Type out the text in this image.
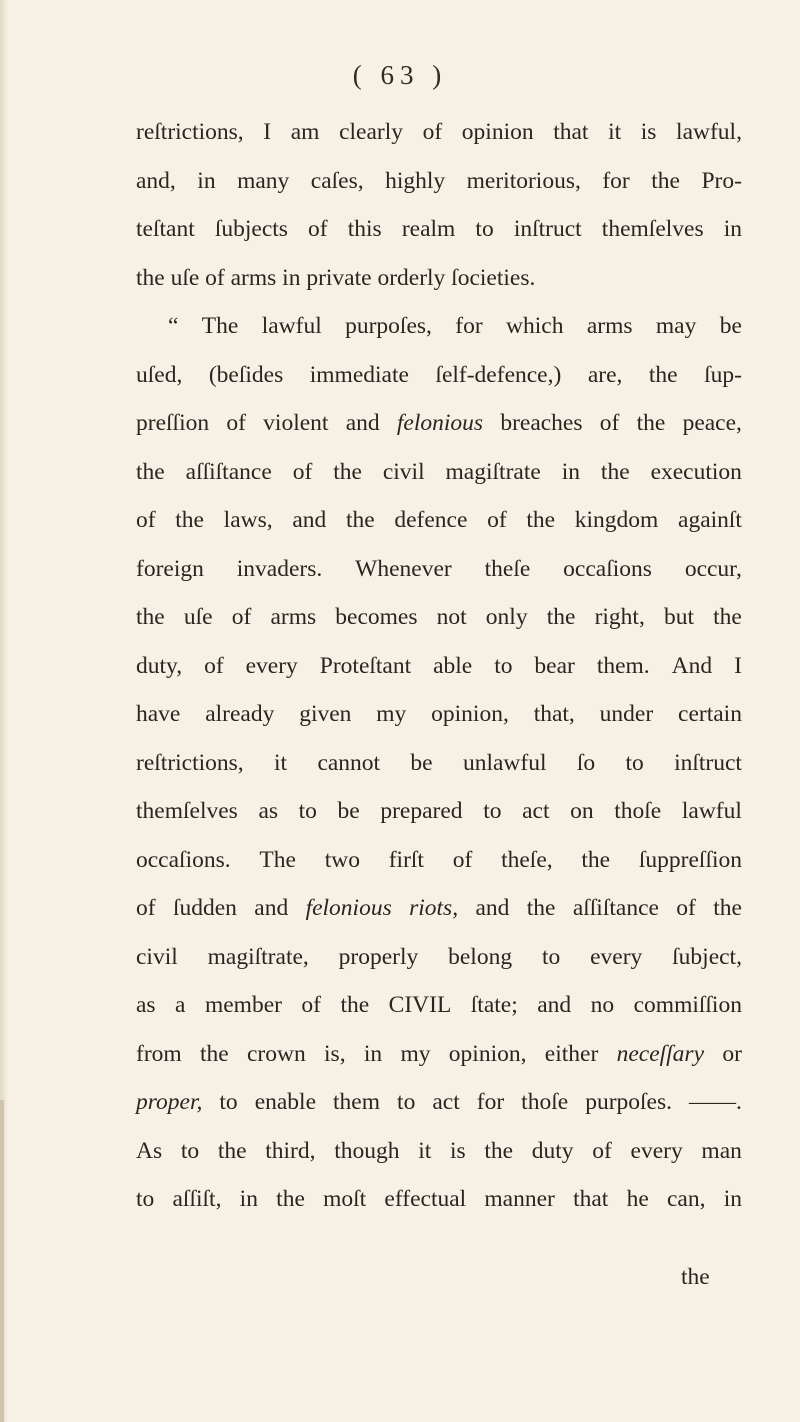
( 63 )
reſtrictions, I am clearly of opinion that it is lawful,
and, in many caſes, highly meritorious, for the Pro-
teſtant ſubjects of this realm to inſtruct themſelves in
the uſe of arms in private orderly ſocieties.
“ The lawful purpoſes, for which arms may be
uſed, (beſides immediate ſelf-defence,) are, the ſup-
preſſion of violent and felonious breaches of the peace,
the aſſiſtance of the civil magiſtrate in the execution
of the laws, and the defence of the kingdom againſt
foreign invaders. Whenever theſe occaſions occur,
the uſe of arms becomes not only the right, but the
duty, of every Proteſtant able to bear them. And I
have already given my opinion, that, under certain
reſtrictions, it cannot be unlawful ſo to inſtruct
themſelves as to be prepared to act on thoſe lawful
occaſions. The two firſt of theſe, the ſuppreſſion
of ſudden and felonious riots, and the aſſiſtance of the
civil magiſtrate, properly belong to every ſubject,
as a member of the CIVIL ſtate; and no commiſſion
from the crown is, in my opinion, either neceſſary or
proper, to enable them to act for thoſe purpoſes. ——.
As to the third, though it is the duty of every man
to aſſiſt, in the moſt effectual manner that he can, in
the
